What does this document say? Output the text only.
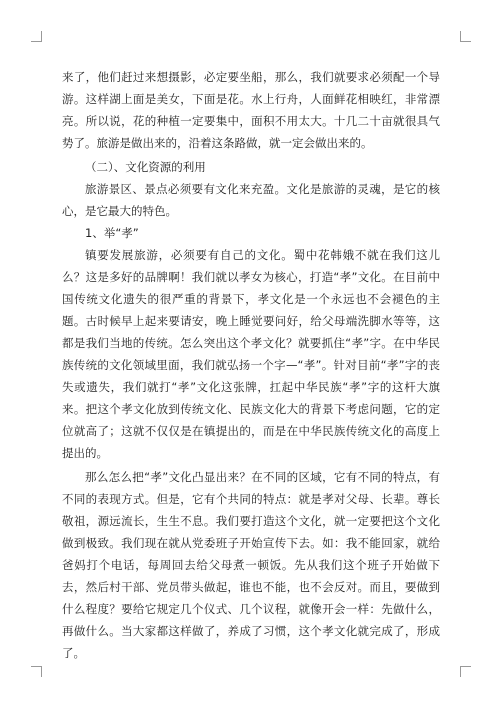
来了，他们赶过来想摄影，必定要坐船，那么，我们就要求必须配一个导游。这样湖上面是美女，下面是花。水上行舟，人面鲜花相映红，非常漂亮。所以说，花的种植一定要集中，面积不用太大。十几二十亩就很具气势了。旅游是做出来的，沿着这条路做，就一定会做出来的。

（二）、文化资源的利用

旅游景区、景点必须要有文化来充盈。文化是旅游的灵魂，是它的核心，是它最大的特色。

1、举“孝”

镇要发展旅游，必须要有自己的文化。蜀中花韩娥不就在我们这儿么？这是多好的品牌啊！我们就以孝女为核心，打造“孝”文化。在目前中国传统文化遗失的很严重的背景下，孝文化是一个永远也不会褪色的主题。古时候早上起来要请安，晚上睡觉要问好，给父母端洗脚水等等，这都是我们当地的传统。怎么突出这个孝文化？就要抓住“孝”字。在中华民族传统的文化领域里面，我们就弘扬一个字—“孝”。针对目前“孝”字的丧失或遗失，我们就打“孝”文化这张牌，扛起中华民族“孝”字的这杆大旗来。把这个孝文化放到传统文化、民族文化大的背景下考虑问题，它的定位就高了；这就不仅仅是在镇提出的，而是在中华民族传统文化的高度上提出的。

那么怎么把“孝”文化凸显出来？在不同的区域，它有不同的特点，有不同的表现方式。但是，它有个共同的特点：就是孝对父母、长辈。尊长敬祖，源远流长，生生不息。我们要打造这个文化，就一定要把这个文化做到极致。我们现在就从党委班子开始宣传下去。如：我不能回家，就给爸妈打个电话，每周回去给父母煮一顿饭。先从我们这个班子开始做下去，然后村干部、党员带头做起，谁也不能，也不会反对。而且，要做到什么程度？要给它规定几个仪式、几个议程，就像开会一样：先做什么，再做什么。当大家都这样做了，养成了习惯，这个孝文化就完成了，形成了。
